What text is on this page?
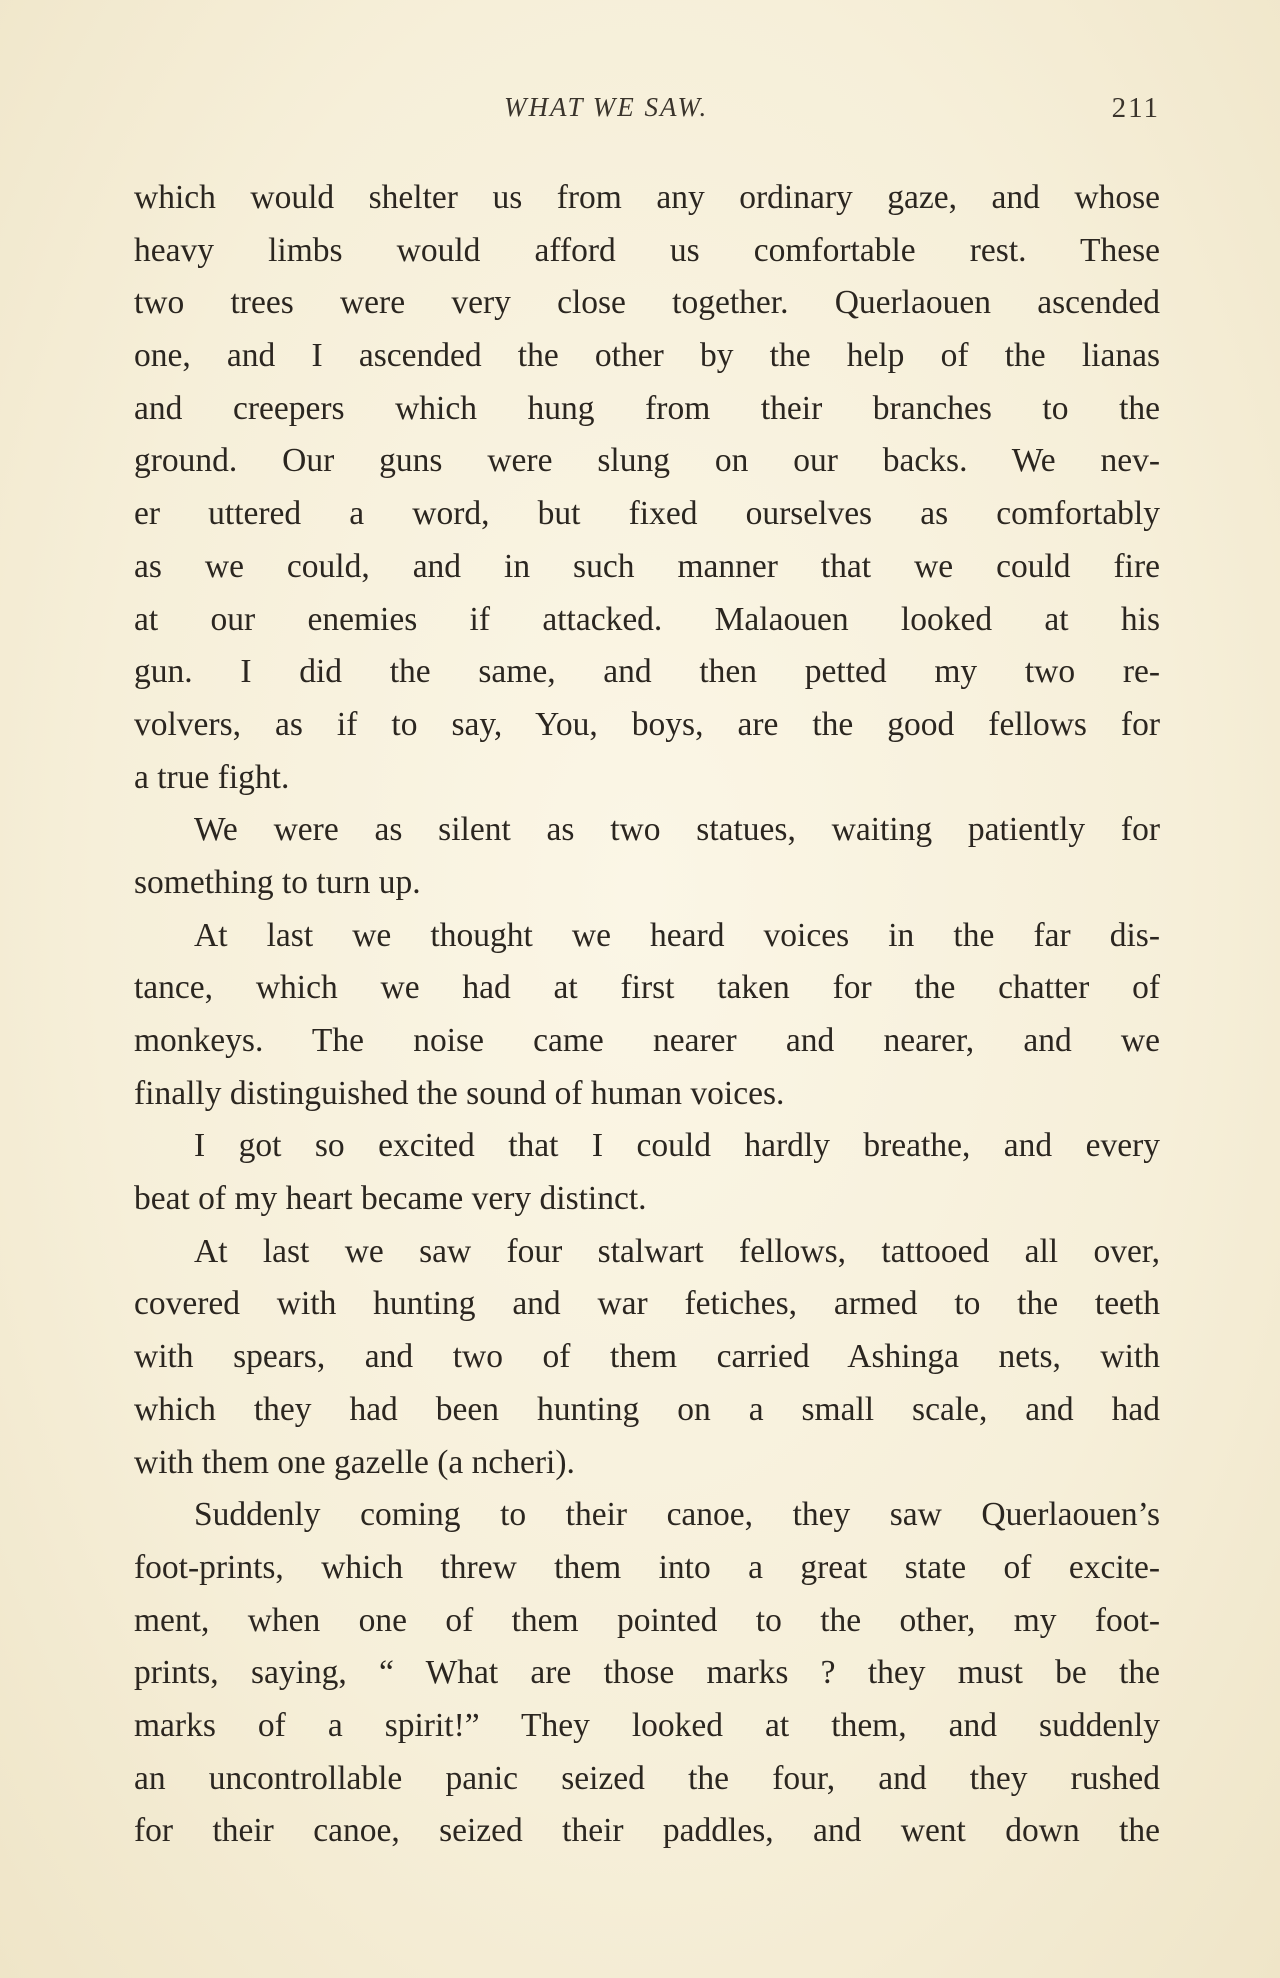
WHAT WE SAW.	211
which would shelter us from any ordinary gaze, and whose
heavy limbs would afford us comfortable rest. These
two trees were very close together. Querlaouen ascended
one, and I ascended the other by the help of the lianas
and creepers which hung from their branches to the
ground. Our guns were slung on our backs. We nev-
er uttered a word, but fixed ourselves as comfortably
as we could, and in such manner that we could fire
at our enemies if attacked. Malaouen looked at his
gun. I did the same, and then petted my two re-
volvers, as if to say, You, boys, are the good fellows for
a true fight.
We were as silent as two statues, waiting patiently for
something to turn up.
At last we thought we heard voices in the far dis-
tance, which we had at first taken for the chatter of
monkeys. The noise came nearer and nearer, and we
finally distinguished the sound of human voices.
I got so excited that I could hardly breathe, and every
beat of my heart became very distinct.
At last we saw four stalwart fellows, tattooed all over,
covered with hunting and war fetiches, armed to the teeth
with spears, and two of them carried Ashinga nets, with
which they had been hunting on a small scale, and had
with them one gazelle (a ncheri).
Suddenly coming to their canoe, they saw Querlaouen’s
foot-prints, which threw them into a great state of excite-
ment, when one of them pointed to the other, my foot-
prints, saying, “ What are those marks ? they must be the
marks of a spirit!” They looked at them, and suddenly
an uncontrollable panic seized the four, and they rushed
for their canoe, seized their paddles, and went down the
